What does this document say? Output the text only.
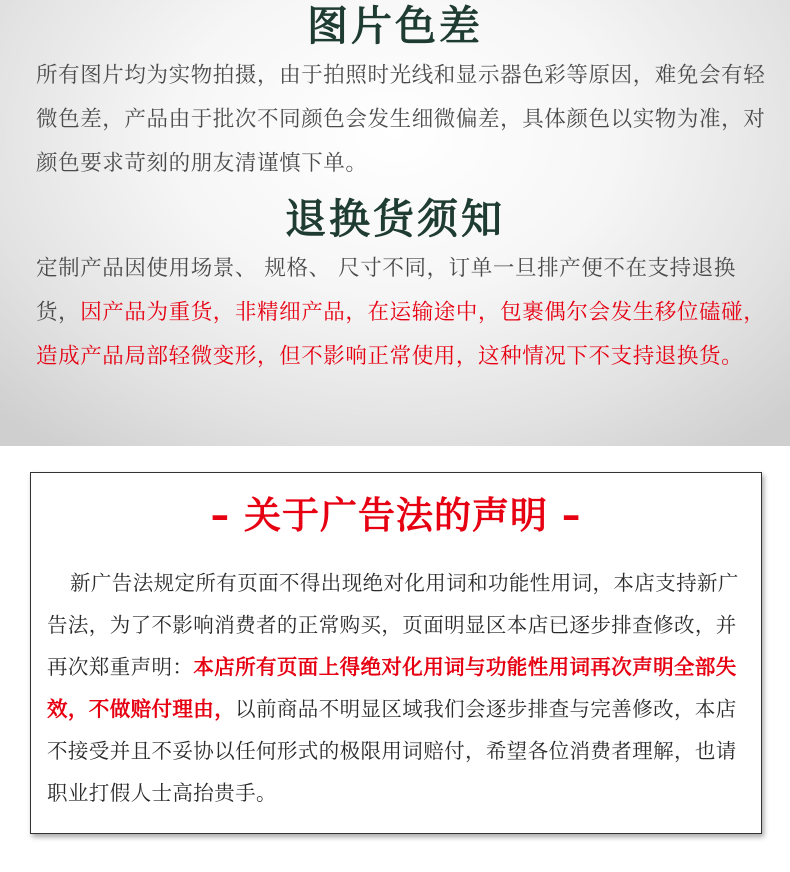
图片色差

所有图片均为实物拍摄，由于拍照时光线和显示器色彩等原因，难免会有轻微色差，产品由于批次不同颜色会发生细微偏差，具体颜色以实物为准，对颜色要求苛刻的朋友清谨慎下单。

退换货须知

定制产品因使用场景、 规格、 尺寸不同，订单一旦排产便不在支持退换货，因产品为重货，非精细产品，在运输途中，包裹偶尔会发生移位磕碰，造成产品局部轻微变形，但不影响正常使用，这种情况下不支持退换货。

– 关于广告法的声明 –

新广告法规定所有页面不得出现绝对化用词和功能性用词，本店支持新广告法，为了不影响消费者的正常购买，页面明显区本店已逐步排查修改，并再次郑重声明：本店所有页面上得绝对化用词与功能性用词再次声明全部失效，不做赔付理由，以前商品不明显区域我们会逐步排查与完善修改，本店不接受并且不妥协以任何形式的极限用词赔付，希望各位消费者理解，也请职业打假人士高抬贵手。
